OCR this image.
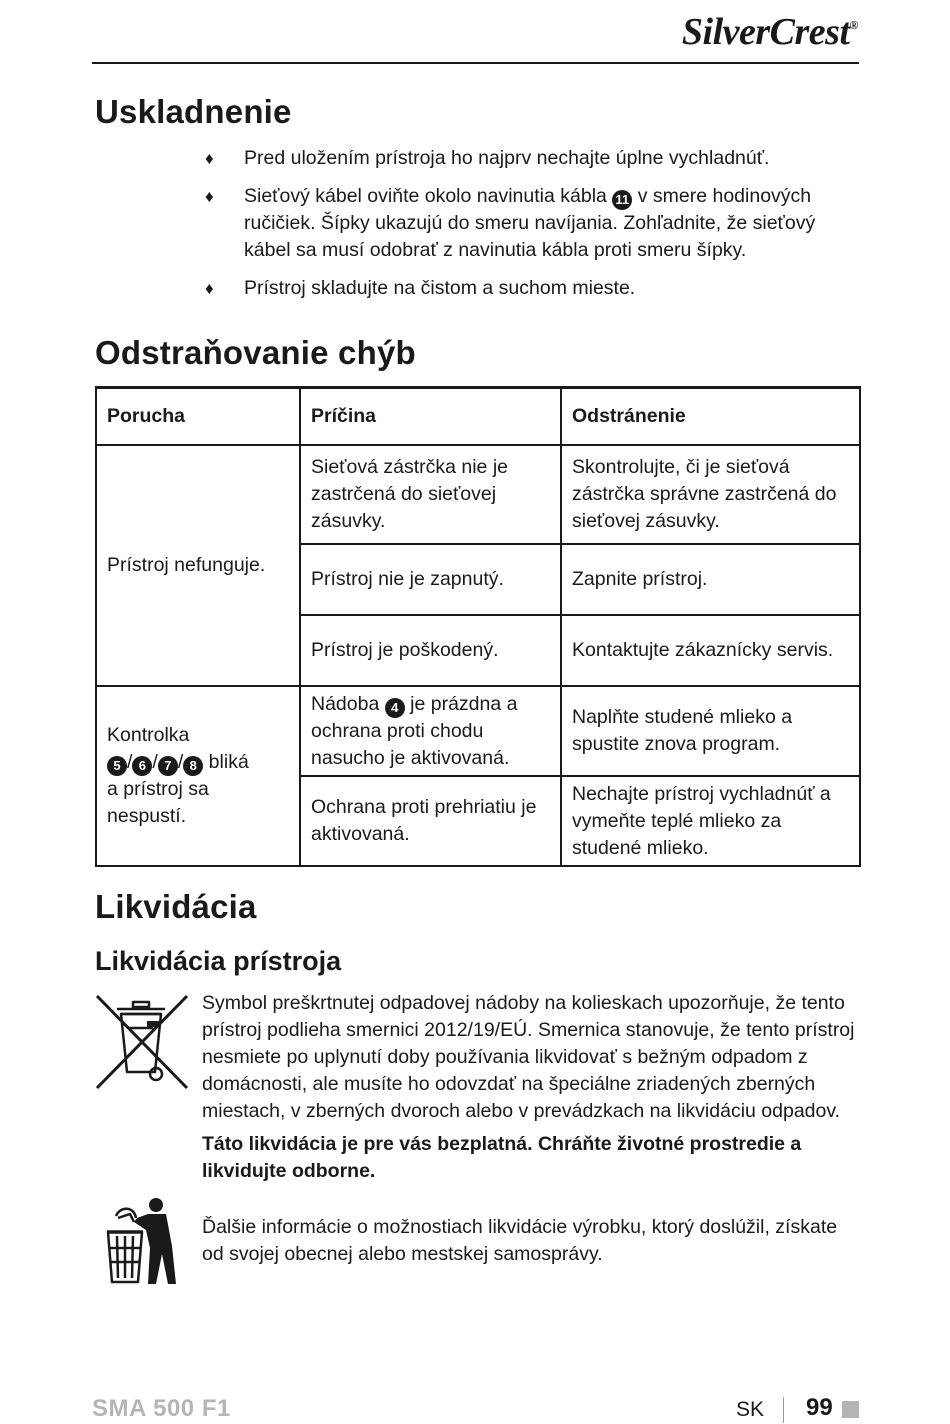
SilverCrest®
Uskladnenie
♦ Pred uložením prístroja ho najprv nechajte úplne vychladnúť.
♦ Sieťový kábel oviňte okolo navinutia kábla 11 v smere hodinových ručičiek. Šípky ukazujú do smeru navíjania. Zohľadnite, že sieťový kábel sa musí odobrať z navinutia kábla proti smeru šípky.
♦ Prístroj skladujte na čistom a suchom mieste.
Odstraňovanie chýb
Porucha	Príčina	Odstránenie
Prístroj nefunguje.	Sieťová zástrčka nie je zastrčená do sieťovej zásuvky.	Skontrolujte, či je sieťová zástrčka správne zastrčená do sieťovej zásuvky.
	Prístroj nie je zapnutý.	Zapnite prístroj.
	Prístroj je poškodený.	Kontaktujte zákaznícky servis.
Kontrolka
5 / 6 / 7 / 8 bliká
a prístroj sa nespustí.	Nádoba 4 je prázdna a ochrana proti chodu nasucho je aktivovaná.	Naplňte studené mlieko a spustite znova program.
	Ochrana proti prehriatiu je aktivovaná.	Nechajte prístroj vychladnúť a vymeňte teplé mlieko za studené mlieko.
Likvidácia
Likvidácia prístroja

Symbol preškrtnutej odpadovej nádoby na kolieskach upozorňuje, že tento prístroj podlieha smernici 2012/19/EÚ. Smernica stanovuje, že tento prístroj nesmiete po uplynutí doby používania likvidovať s bežným odpadom z domácnosti, ale musíte ho odovzdať na špeciálne zriadených zberných miestach, v zberných dvoroch alebo v prevádzkach na likvidáciu odpadov.

Táto likvidácia je pre vás bezplatná. Chráňte životné prostredie a likvidujte odborne.

Ďalšie informácie o možnostiach likvidácie výrobku, ktorý doslúžil, získate od svojej obecnej alebo mestskej samosprávy.

SMA 500 F1	SK 99
